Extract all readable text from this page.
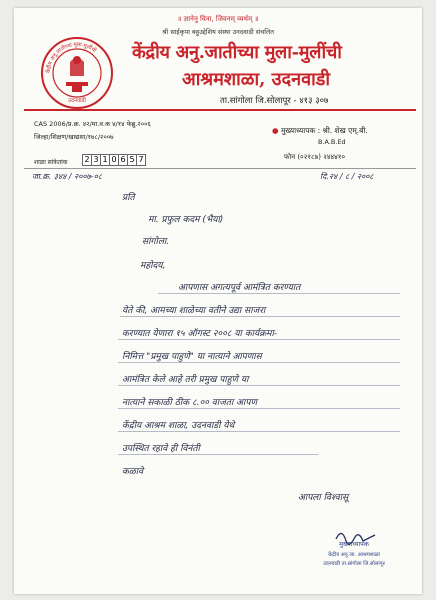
॥ ज्ञानेनु विना, जिवनम् व्यर्थम् ॥
श्री साईकृपा बहुउद्देशिय संस्था उनदवाडी संचलित
केंद्रीय अनु.जातीच्या मुला-मुलींची
उदनवाडी
केंद्रीय अनु.जातीच्या मुला-मुलींची
आश्रमशाळा, उदनवाडी
ता.सांगोला जि.सोलापूर - ४१३ ३०७
CAS 2006/प्र.क्र. ४२/मा.व.क ४/१४ फेब्रु.२००६
जिल्हा/शिक्षण/खाद्यशा/१७८/२००७
शाळा सांकेतांक	2 3 1 0 6 5 7
● मुख्याध्यापक : श्री. शेख एम्.बी.
B.A.B.Ed
फोन (०२१८७) २४४४१०
जा.क्र. ३४४ / २००७-०८	दि.२४ / ८ / २००८
प्रति
मा. प्रफुल कदम (भैया)
सांगोला.
महोदय,
आपणास अगत्यपूर्व आमंत्रित करण्यात
येते की, आमच्या शाळेच्या वतीने उद्या साजरा
करण्यात येणारा १५ ऑगस्ट २००८ या कार्यक्रमा-
निमित्त "प्रमुख पाहुणे" या नात्याने आपणास
आमंत्रित केले आहे तरी प्रमुख पाहुणे या
नात्याने सकाळी ठीक ८.०० वाजता आपण
केंद्रीय आश्रम शाळा, उदनवाडी येथे
उपस्थित रहावे ही विनंती
कळावे
आपला विश्वासू
मुख्याध्यापक
केंद्रीय अनु.जा. आश्रमशाळा
उदनवाडी ता.सांगोला जि.सोलापूर
